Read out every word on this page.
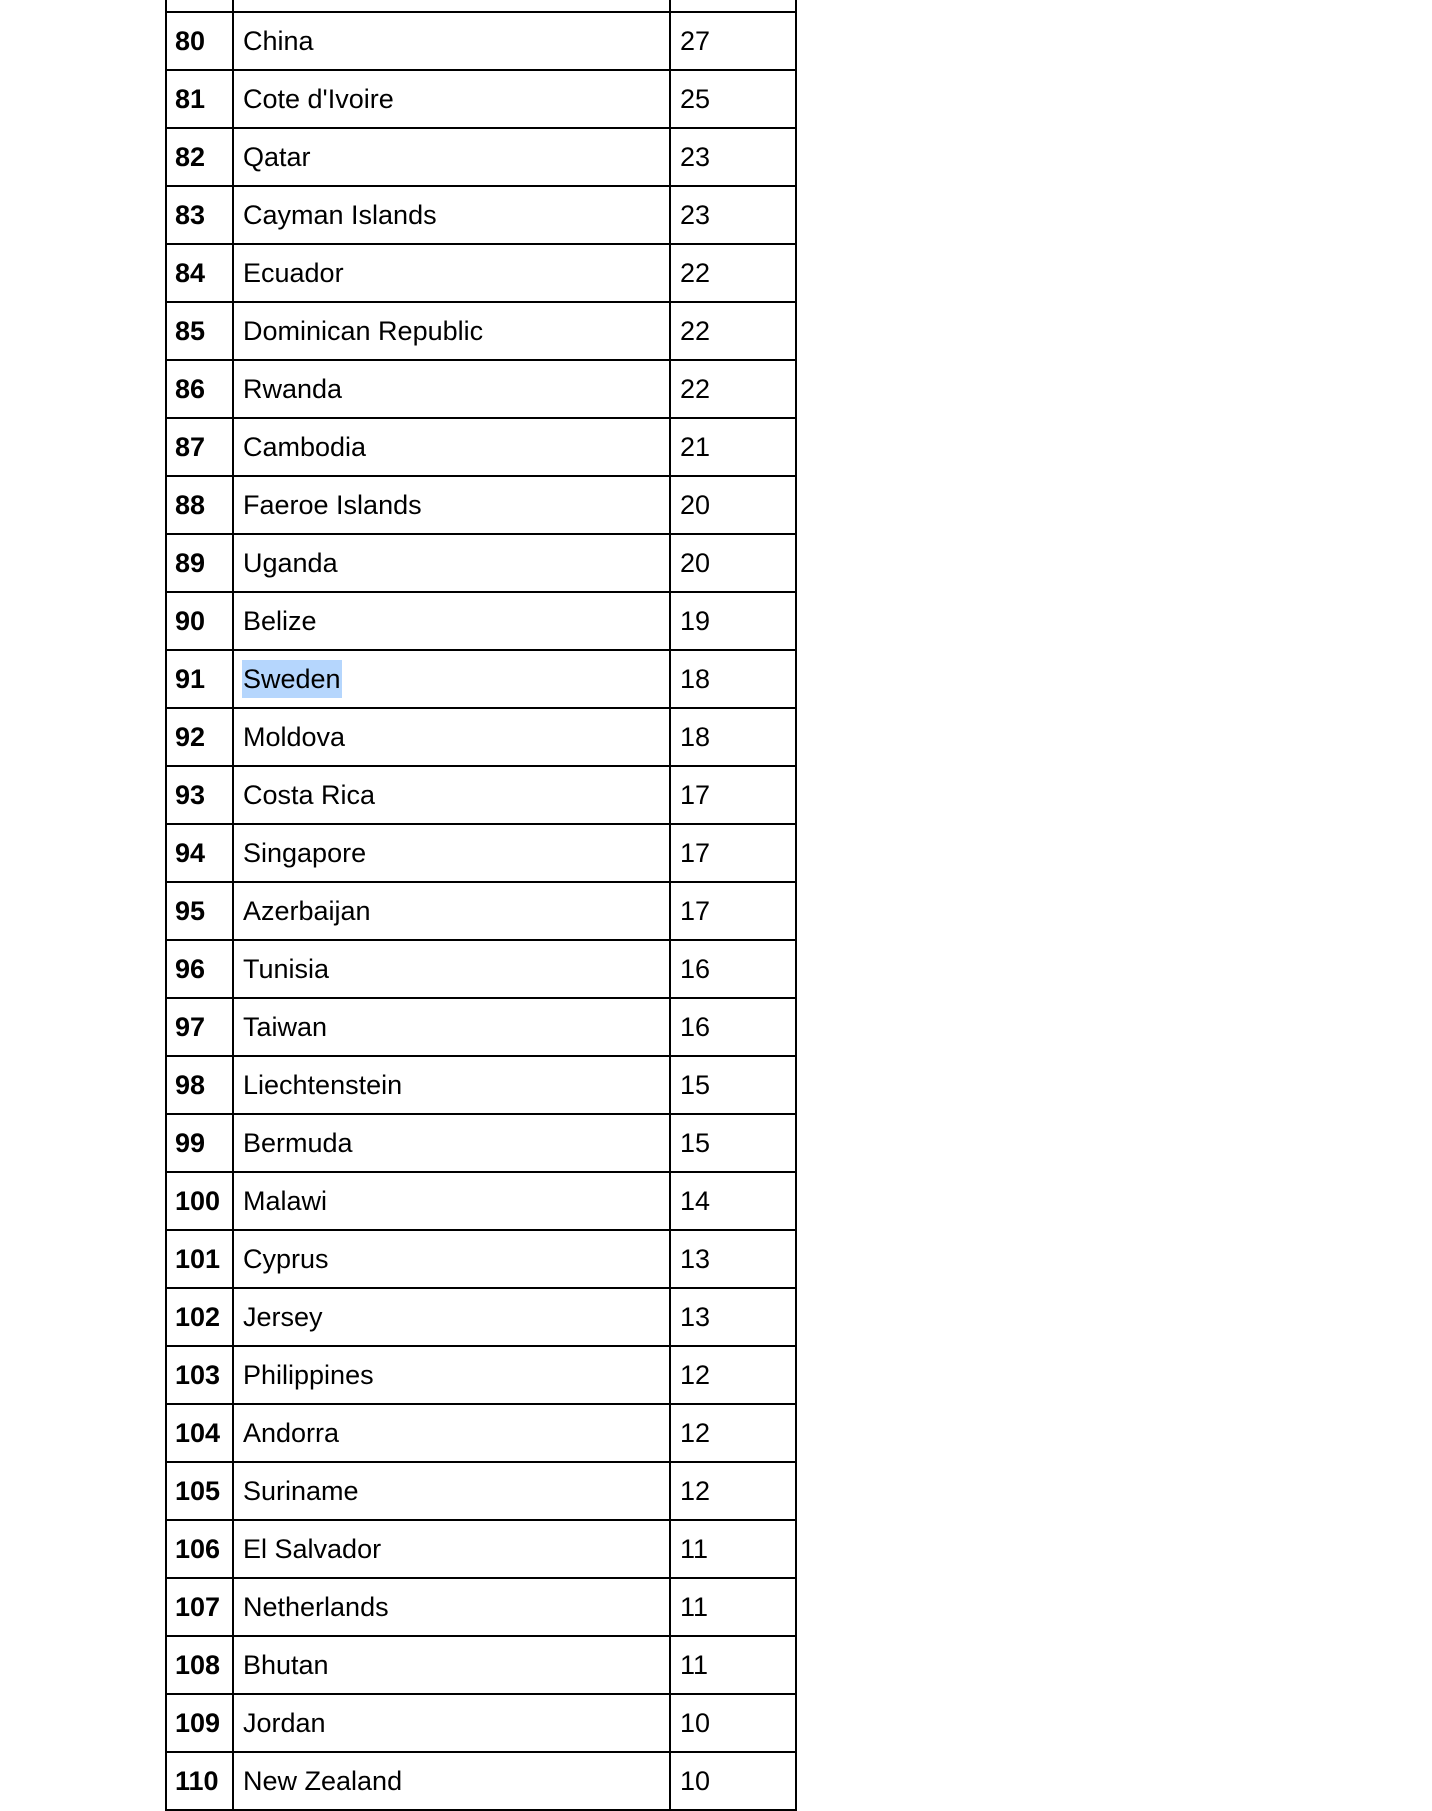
80	China	27
81	Cote d'Ivoire	25
82	Qatar	23
83	Cayman Islands	23
84	Ecuador	22
85	Dominican Republic	22
86	Rwanda	22
87	Cambodia	21
88	Faeroe Islands	20
89	Uganda	20
90	Belize	19
91	Sweden	18
92	Moldova	18
93	Costa Rica	17
94	Singapore	17
95	Azerbaijan	17
96	Tunisia	16
97	Taiwan	16
98	Liechtenstein	15
99	Bermuda	15
100	Malawi	14
101	Cyprus	13
102	Jersey	13
103	Philippines	12
104	Andorra	12
105	Suriname	12
106	El Salvador	11
107	Netherlands	11
108	Bhutan	11
109	Jordan	10
110	New Zealand	10
